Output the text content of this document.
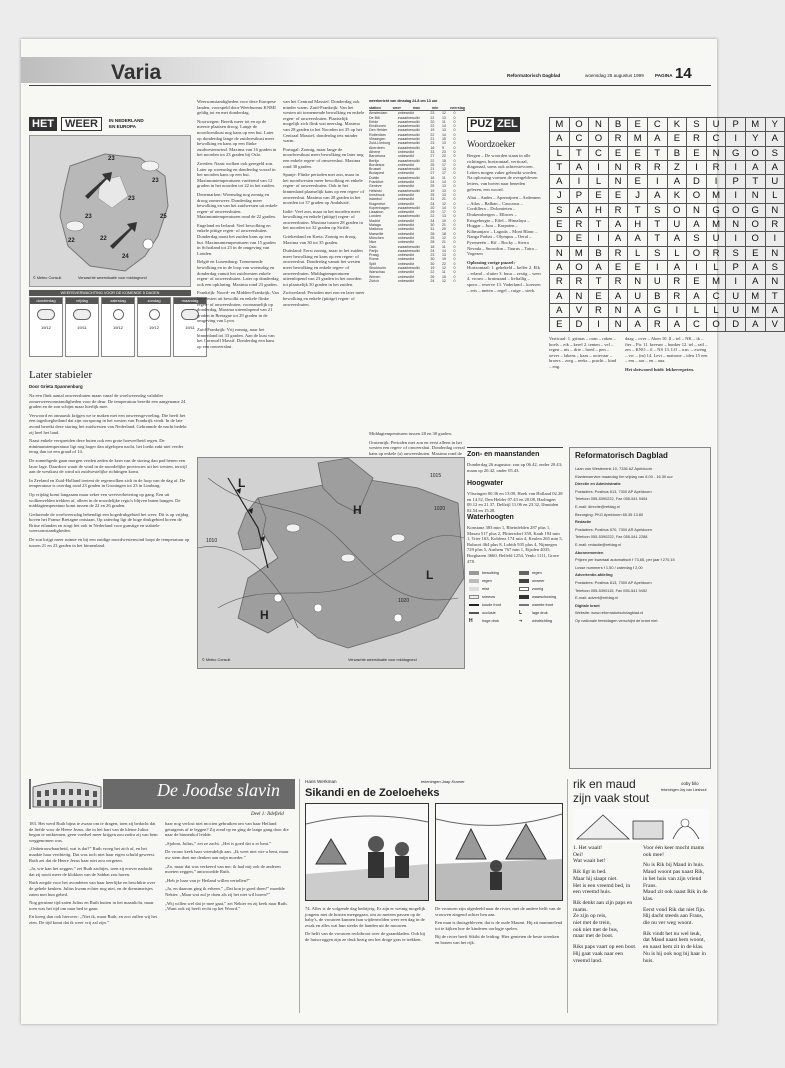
Varia	Reformatorisch Dagblad	woensdag 25 augustus 1999 PAGINA 14
HET	WEER	IN NEDERLAND
EN EUROPA
23
23
23
25
23
22
24
22
© Meteo Consult	Verwachte weersituatie voor middagrond
WEERSVERWACHTING VOOR DE KOMENDE 5 DAGEN
donderdag
19/12
vrijdag
19/11
zaterdag
19/12
zondag
19/12
maandag
19/11
Later stabieler
Door Grieta Spannenburg

Na een flink aantal onweersbuien maan vanaf de woelweersdag valabiler zomerweersomstandigheden voor de deur. De temperatuur bereikt een aangename 24 graden en de zon schijnt maar hierlijk mee.

Verwoord en onnauwk krijgen we te maken met een onweersgevoeling. Die heeft het een tagedoeghetland dat zijn oorsprong in het westen van Frankrijk vindt. In de late avond bereikt deze storing het zuidwesten van Nederland. Gebrannde de nacht bedekt zij heel het land.

Naast enkele verspreiden deze buien ook een grote hoeveelheid regen. De minimumtemperatuur ligt nog hoger dan afgelopen nacht, het loeikt zakt niet verder terug dan tot een graad of 14.

De zonnehgede gaan morgen verden zeden de kern van de storing dan pad henen een lauw lage. Daardoor waait de wind in de noordelijke provincies uit het westen, terwijl aan de westkust de wind uit zuidwestelijke richtingen komt.

In Zeeland en Zuid-Holland toetent de regenvolken zich in de loop van de dag af. De temperatuur is overdag rond 23 graden in Groningen tot 23 in Limburg.

Op vrijdag komt langzaam maar zeker een weerverbetering op gang. Een uit wolkenvelden trekken af, alleen in de noordelijke regio's blijven buien hangen. De middagtemperatuur komt tussen de 22 en 26 graden.

Gedurende de woelweersdag behendigt een hogedrukgebied het weer. Dit is op vrijdag boven het Franse Bretagne ontstaan. Op zaterdag ligt de hoge drukgebied boven de Britse eilanden en zorgt het ook in Nederland voor gunstige en stabiele weersomstandigheden.

De zon krijgt meer ruimte en bij een zuidige noordwestenwind loopt de temperatuur op tussen 21 en 23 graden in het binnenland.

Weersomstandigheden voor deze Europese landen, voorspeld door Weerbureau KNMI geldig tot en met donderdag.

Noorwegen: Bereik meer tot en op de meeste plaatsen droog. Lange de noordwestkust nog kans op een bui. Later op donderdag lange de zuidwestkust meer bewolking en kans op een flinke zuidwestenwind. Maxima van 16 graden in het noorden tot 23 graden bij Oslo.

Zweden: Naast wolken ook geregeld zon. Later op woensdag en donderdag vooral in het noorden kans op een bui. Maximumtemperaturen variërend van 12 graden in het noorden tot 22 in het zuiden.

Denemarken: Woensdag nog zonnig en droog zomerweer. Donderdag meer bewolking en van het zuidwesten uit enkele regen- of onweersbuien. Maximumtemperaturen rond de 22 graden.

Engeland en Ierland: Veel bewolking en enkele pittige regen- of onweersbuien. Donderdag naast het zuiden kans op een bui. Maximumtemperaturen van 15 graden in Schotland tot 23 in de omgeving van Londen.

België en Luxemburg: Toenemende bewolking en in de loop van woensdag en donderdag vanuit het zuidwesten enkele regen- of onweersbuien. Later op donderdag ook een opklaring. Maxima rond 23 graden.

Frankrijk: Noord- en Midden-Frankrijk: Van het westen uit bewolkt en enkele flinke regen- of onweersbuien, voornamelijk op donderdag. Maxima uiteenlopend van 21 graden in Bretagne tot 29 graden in de omgeving van Lyon.

Zuid-Frankrijk: Vrij zonnig, naar het binnenland tot 33 graden. Aan de kust van het Cornwall Massif. Donderdag een kans op een onweersbui.

van het Centraal Massief. Donderdag ook minder warm. Zuid-Frankrijk: Van het westen uit toenemende bewolking en enkele regen- of onweersbuien. Plaatselijk mogelijk zich flink wat neerslag. Maxima van 28 graden in het Noorden tot 35 op het Centraal Massief, donderdag iets minder warm.

Portugal: Zonnig, maar lange de noordwestkust meer bewolking en later nog een enkele regen- of onweersbui. Maxima rond 30 graden.

Spanje: Flinke perioden met zon, maar in het noordwesten meer bewolking en enkele regen- of onweersbuien. Ook in het binnenland plaatselijk kans op een regen- of onweersbui. Maxima van 28 graden in het noorden tot 37 graden op Andalusië.

Italië: Veel zon, maar in het noorden meer bewolking en enkele (pittige) regen- of onweersbuien. Maxima tussen 28 graden in het noorden tot 32 graden op Sicilië.

Griekenland en Kreta: Zonnig en droog. Maxima van 30 tot 35 graden.

Duitsland: Eerst zonnig, maar in het zuiden meer bewolking en kans op een regen- of onweersbui. Donderdag vanuit het westen meer bewolking en enkele regen- of onweersbuien. Middagtemperaturen uiteenlopend van 23 graden in het noorden tot plaatselijk 30 graden in het zuiden.

Zwitserland: Perioden met zon en later meer bewolking en enkele (pittige) regen- of onweersbuien.

weerbericht van dinsdag 24-8 om 13 uur
station	weer	max	min	neerslag
Amsterdam	onbewolkt	23	12	0
De Bilt	zwaarbewolkt	22	13	0
Eelde	zwaarbewolkt	20	11	0
Eindhoven	zwaarbewolkt	22	14	0
Den Helder	zwaarbewolkt	19	13	0
Rotterdam	zwaarbewolkt	22	14	0
Vlissingen	zwaarbewolkt	21	15	0
Zuid-Limburg	zwaarbewolkt	23	13	0
Aberdeen	zwaarbewolkt	16	9	0
Athene	onbewolkt	33	23	0
Barcelona	onbewolkt	27	22	0
Berlijn	zwaarbewolkt	22	15	0
Bordeaux	onbewolkt	25	17	0
Brussel	zwaarbewolkt	21	13	0
Budapest	onbewolkt	27	17	0
Dublin	zwaarbewolkt	16	11	0
Frankfurt	onbewolkt	24	14	0
Genève	onbewolkt	25	13	0
Helsinki	zwaarbewolkt	19	13	0
Innsbruck	onbewolkt	25	13	0
Istanbul	onbewolkt	31	21	0
Klagenfurt	onbewolkt	24	12	0
Kopenhagen	zwaarbewolkt	20	14	0
Lissabon	onbewolkt	29	17	0
Londen	zwaarbewolkt	22	13	0
Madrid	onbewolkt	34	19	0
Malaga	onbewolkt	30	21	0
Mallorca	onbewolkt	31	20	0
Marseille	onbewolkt	28	18	0
München	onbewolkt	25	12	0
Nice	onbewolkt	28	21	0
Oslo	zwaarbewolkt	18	11	0
Parijs	zwaarbewolkt	24	14	0
Praag	onbewolkt	23	13	0
Rome	onbewolkt	30	19	0
Split	onbewolkt	30	22	0
Stockholm	zwaarbewolkt	19	12	0
Warschau	onbewolkt	22	11	0
Wenen	onbewolkt	26	15	0
Zürich	onbewolkt	24	12	0

Middagtemperaturen tussen 28 en 30 graden.

Oostenrijk: Perioden met zon en eerst alleen in het westen een regen- of onweersbui. Donderdag overal kans op enkele (a) onweersbuien. Maxima rond de

L
H
H
L
1020
1020
1015
1010
© Meteo Consult	Verwachte weersituatie voor middagrond
bewolking	regen
regen	onweer
mist	zonnig
sneeuw	waarschuwing
koude front	warmte front
occlusie	L	lage druk
H	hoge druk	➔	windrichting
PUZ ZEL
Woordzoeker

Bergen – De woorden staan in alle richtingen, horizontaal, verticaal, diagonaal, soms ook achterstevoren. Letters mogen vaker gebruikt worden. Na oplossing vormen de overgebleven letters, van boven naar beneden gelezen, een woord.

Altai – Andes – Apennijnen – Ardennen – Atlas – Balkan – Caucasus – Cordillera – Dolomieten – Drakensbergen – Elbroes – Ertsgebergte – Eifel – Himalaya – Hoggar – Jura – Karpaten – Kilimanjaro – Lagoda – Mont Blanc – Nanga Parbat – Olympus – Oeral – Pyreneeën – Rif – Rocky – Sierra Nevada – Snowdon – Taurus – Tatra – Vogezen

Oplossing vorige puzzel:

Horizontaal: 1. gehekeld – keffer 2. Elk – erland – sluiter 3. buur – zestig – weer 4. vrouw – bruinzand – lieftallig – spoor – reserve 13. Vaderland – koersen – erts – meten – regel – ruige – sterk.

M	O	N	B	E	C	K	S	U	P	M	Y
A	C	O	R	M	A	E	R	C	I	Y	A
L	T	C	E	E	T	B	E	N	G	O	S
T	A	I	N	R	R	Z	I	R	I	A	A
A	I	L	N	E	I	A	D	I	P	T	U
J	P	E	E	J	A	K	O	M	I	N	L
S	A	H	R	T	S	O	N	G	O	G	N
E	R	T	A	H	T	U	A	M	N	O	R
D	E	I	A	A	T	A	S	U	I	O	I
N	M	B	R	L	S	L	O	R	S	E	N
A	O	A	E	E	I	A	I	L	P	A	S
R	R	T	R	N	U	R	E	M	I	A	N
A	N	E	A	U	B	R	A	C	U	M	T
A	V	R	N	A	G	I	L	L	U	M	A
E	D	I	N	A	R	A	C	O	D	A	V

Verticaal: 1. grimas – oom – raken – boels – eik – kerel 2. tenten – vel – regen – nis – drie – hoed – pen – oever – lakens – kaas – ooievaar – broers – zorg – reeks – pracht – kind – eng.

daag – over – Aken 10. ll – tel – NK – ik – fier – Pic 11. kreeuw – bunker 12. tel – rail – zes – KNO – il – NS 13. LO – a.m. – zweng – vrc – (m) 14. Levi – matrone – ideu 15 een – em – aar – en – aua.

Het slotwoord luidt: lekkerrepeten.

Zon- en maanstanden
Donderdag 26 augustus: zon op 06.42, onder 20.43; maan op 20.42, onder 05.43.
Hoogwater
Vlissingen 00.36 en 13.09, Hoek van Holland 02.28 en 14.52, Den Helder 07.43 en 20.08, Harlingen 09.12 en 21.37, Delfzijl 11.06 en 23.32, IJmuiden 02.54 en 15.28.
Waterhoogten
Konstanz 383 min 1, Rheinfelden 287 plus 1, Maxau 517 plus 2, Plittersdorf 350, Kaub 194 min 1, Trier 163, Koblenz 174 min 4, Keulen 265 min 5, Ruhrort 464 plus 8, Lobith 935 plus 4, Nijmegen 729 plus 5, Arnhem 767 min 1, Eijsden 4035, Borgharen 3660, Belfeld 1254, Venlo 1111, Grave 478.
Reformatorisch Dagblad
Laan van Westenenk 10, 7336 AZ Apeldoorn
Klantenservice maandag t/m vrijdag van 8.00 - 16.30 uur
Directie en Administratie
Postadres: Postbus 613, 7300 AP Apeldoorn
Telefoon 055-5390222, Fax 055-541 9454
E-mail: directie@refdag.nl
Bezorging: PKG Apeldoorn 65.35 13.80
Redactie
Postadres: Postbus 670, 7300 AR Apeldoorn
Telefoon 055-5390222, Fax 055-541 2288
E-mail: redactie@refdag.nl
Abonnementen
Prijzen per kwartaal automatisch f 73,65, per jaar f 270,15
Losse nummers f 1,50 / zaterdag f 2,00
Advertentie-afdeling
Postadres: Postbus 613, 7300 AP Apeldoorn
Telefoon 055-5390115, Fax 055-541 9452
E-mail: advert@refdag.nl
Digitale krant
Website: www.reformatorischdagblad.nl
Op nationale feestdagen verschijnt de krant niet.
De Joodse slavin
Deel 1: Ildefield

183. Het werd Ruth bijna te zwaar om te dragen, toen zij bedacht dat de liefde voor de Heere Jezus, die in het hart van de kleine Julius begon te ontkiemen, geen voedsel meer krijgen zou zodra zij van hem weggenomen was.

„Onbetrouwbaarheid, wat is dat?” Ruth vroeg het zich af, en het maakte haar verdrietig. Dat was toch niet haar eigen schuld geweest. Ruth zei dat de Heere Jezus haar niet zou vergeten.

„Ja, wie kan het zeggen,” zei Ruth zachtjes, toen zij erover nadacht dat zij nooit meer de klokken van de Sabbat zou horen.

Ruth zorgde voor het avondeten van haar heerlijke en beschikte over de gehele keuken. Julius kwam echter nog niet, en de dienstmeisjes zaten met hun gebed.

Nog geruime tijd zaten Julius en Ruth buiten in het maanlicht, maar toen was het tijd om naar bed te gaan.

En kreeg dan ook hierover: „Niet ik, maar Ruth, en zoo zullen wij het zien. De tijd komt dat ik weer vrij zal zijn.”

haar nog verlost niet mocten gebruiken om van haar Heiland getuigenis af te leggen? Zij zond op en ging de lange gang door die naar de binnenhof leidde.

„Sjalom, Julius,” zei ze zacht. „Het is goed dat u er bent.”

De vrouw keek haar vriendelijk aan. „Ik weet niet wie u bent, maar uw stem doet me denken aan mijn moeder.”

„Zo, maar dat was verkeerd van me; ik had mij ook de anderen moeten zeggen,” antwoordde Ruth.

„Heb je haar van je Heiland willen vertellen?”

„Ja, en daarom ging ik erheen.” „Dat kon je goed doen!” moedde Nekter. „Maar wat zul je doen als zij het niet wil horen?”

„Wij willen wel dat je mee gaat,” zei Nekter en zij keek naar Ruth. „Want ook zij heeft recht op het Woord.”

Hans Werkman	tekeningen Jaap Kramer
Sikandi en de Zoeloeheks

74. Alles is de volgende dag bedrijvig. Er zijn er weinig mogelijk jongens met de bosten meegegaan, om zo meteen passen op de baby's, de vrouwen kunnen hun wijdenvolden weer een dag in de zwak en alles wat hun steeks de handen uit de mouwen.

De helft van de vrouwen rechtbroot over de graanbladen. Ook bij de huiscroggen zijn ze druk bezig om het droge gras te trekken.

De vrouwen zijn afgedeeld naar de rivier, met de andere helft van de vrouwen zingend achter hen aan.

Een man is thuisgebleven; dat is de oude Maumi. Hij zit mummelend tot te kijken hoe de kinderen oorlogje spelen.

Bij de rivier heeft Sikibi de leiding. Hier genieten de beste strenken en bonen van het rijk.

rik en maud
zijn vaak stout
ooby bilo
tekeningen Joy van Lieshout
1. Het waait!
Oei!
Wat waait het!
Rik ligt in bed.
Maar hij slaapt niet.
Het is een vreemd bed, in een vreemd huis.
Rik denkt aan zijn paps en mams.
Ze zijn op reis,
niet met de trein,
ook niet met de bus,
maar met de boot.
Riks paps vaart op een boot.
Hij gaat vaak naar een vreemd land.
Voor één keer mocht mams ook mee!
Nu is Rik bij Maud in huis.
Maud woont pas naast Rik,
in het huis van zijn vriend Frans.
Maud zit ook naast Rik in de klas.
Eerst vond Rik dat niet fijn.
Hij dacht steeds aan Frans,
die nu ver weg woont.
Rik vindt het nu wel leuk,
dat Maud naast hem woont,
en naast hem zit in de klas.
Nu is hij ook nog bij haar in huis.
